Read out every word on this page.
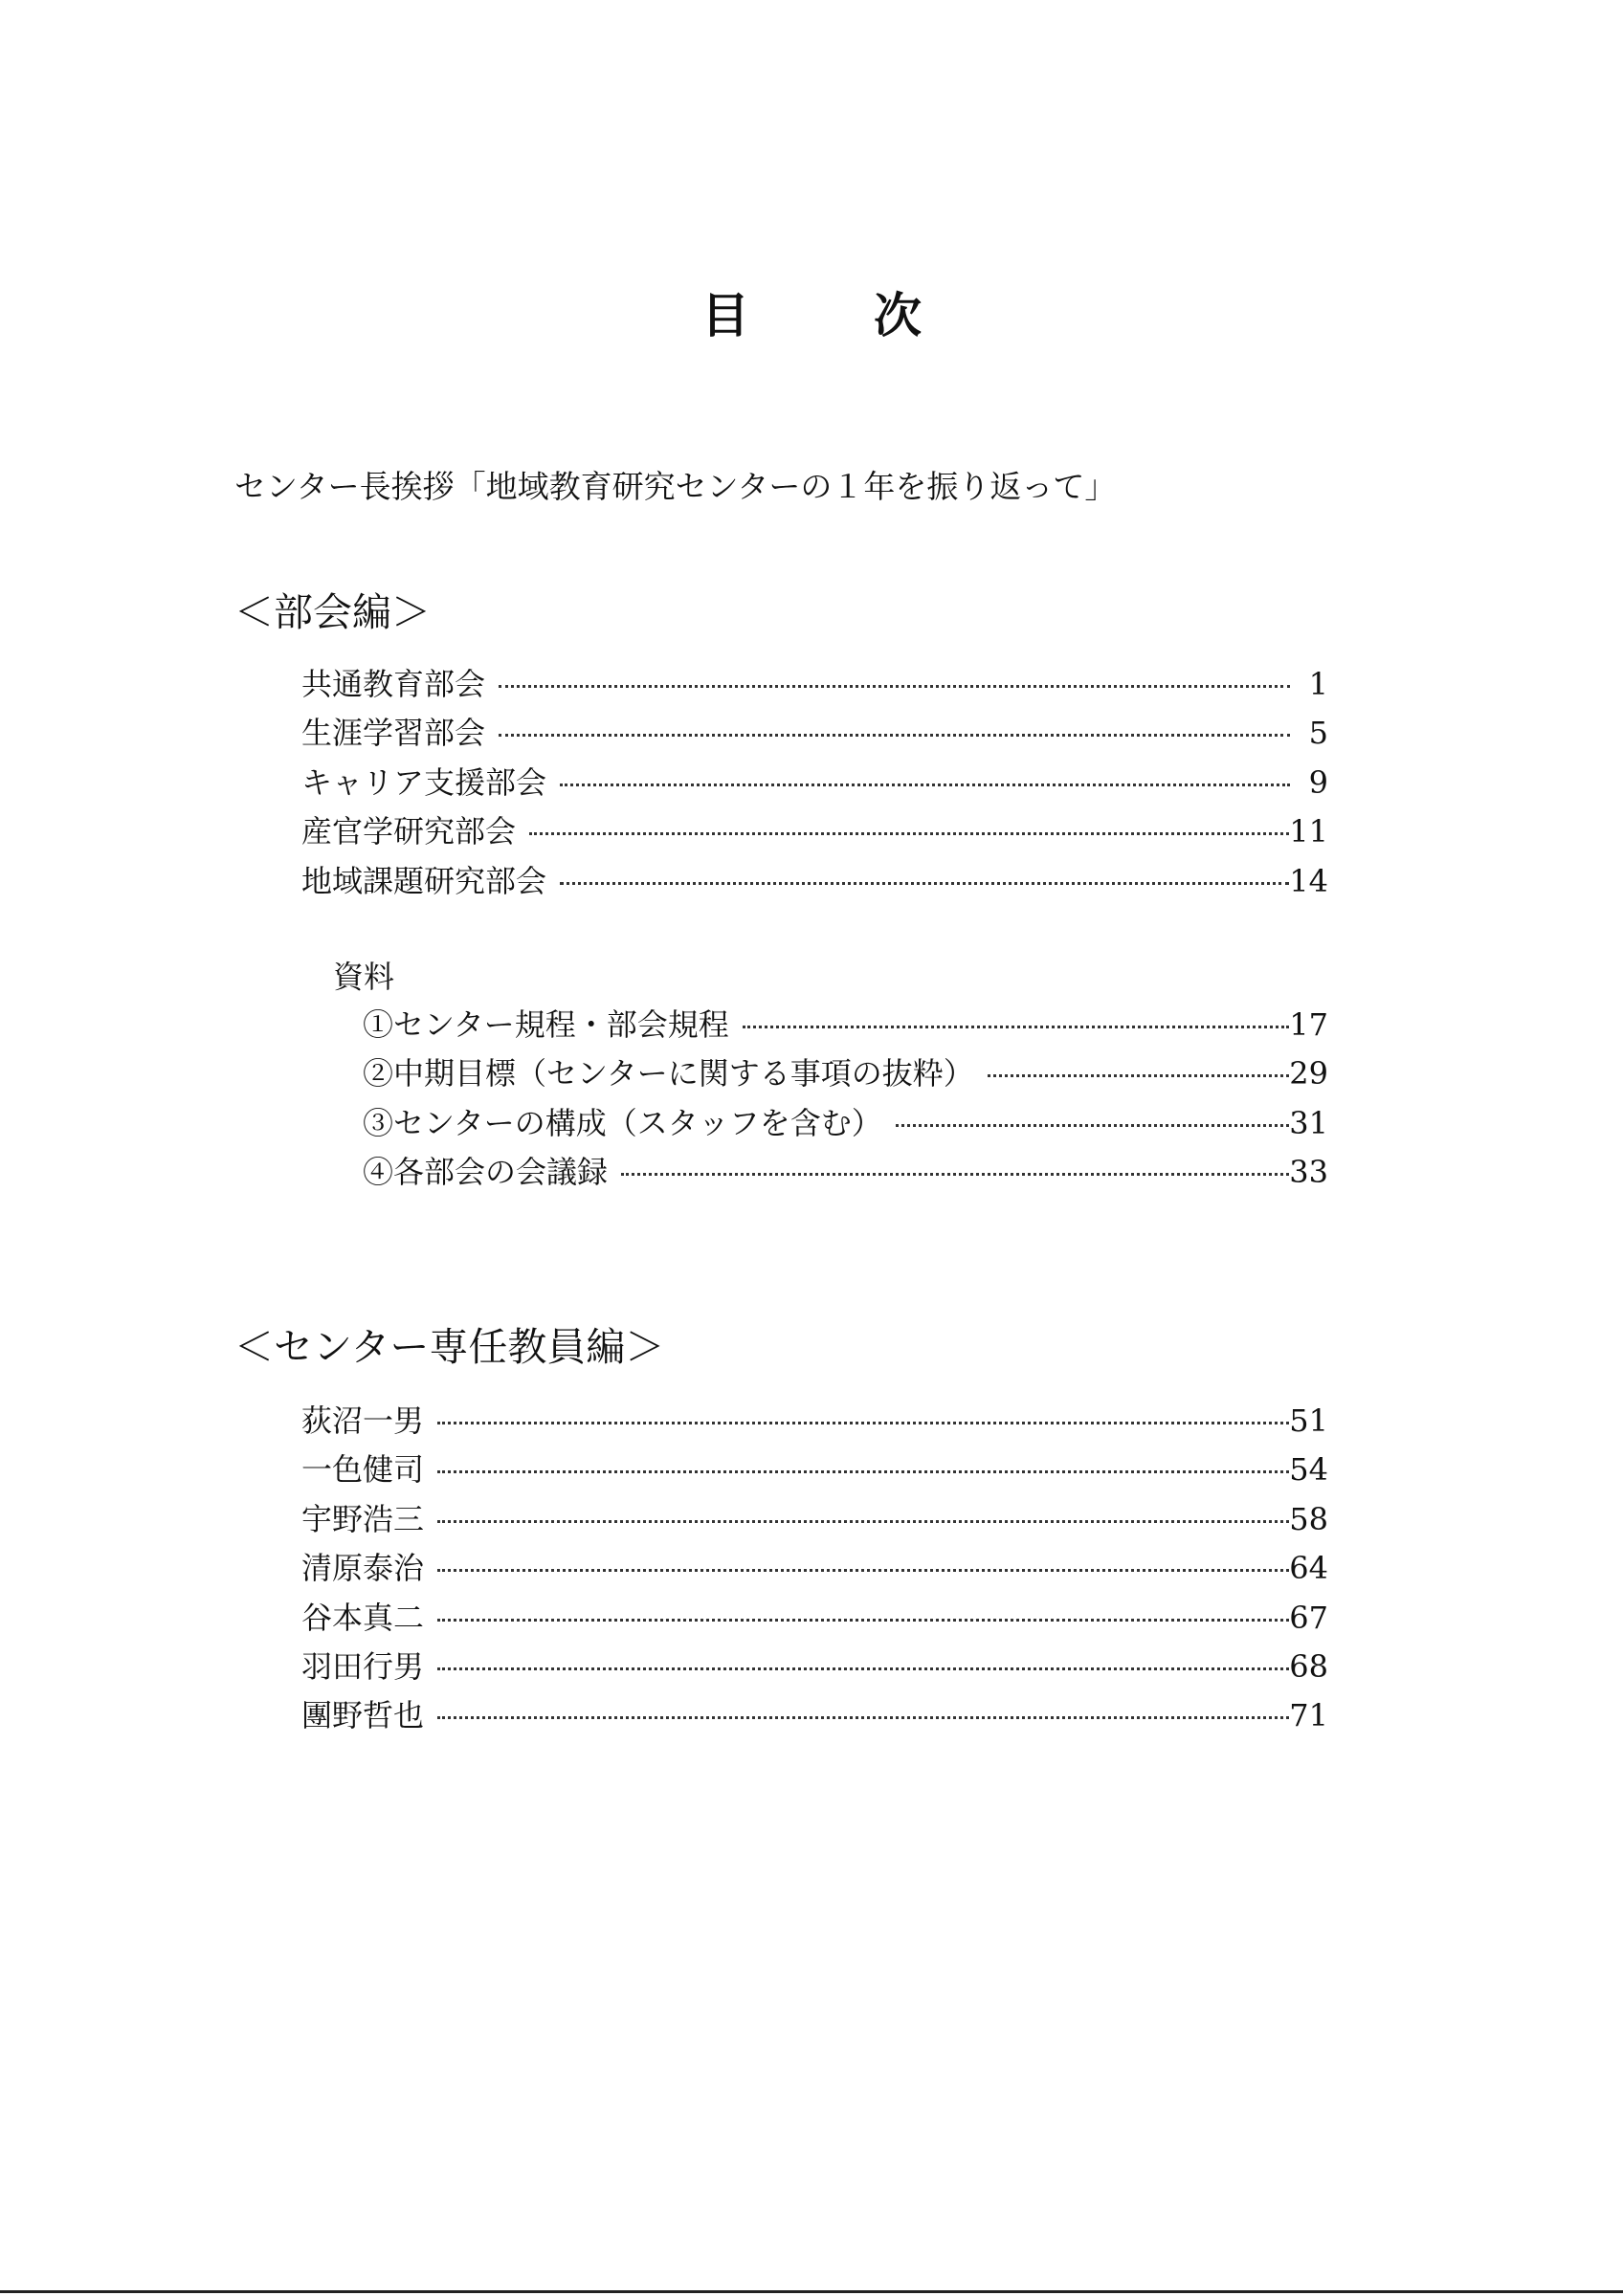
目　次
センター長挨拶「地域教育研究センターの１年を振り返って」
＜部会編＞
共通教育部会	1
生涯学習部会	5
キャリア支援部会	9
産官学研究部会	11
地域課題研究部会	14
資料
①センター規程・部会規程	17
②中期目標（センターに関する事項の抜粋）	29
③センターの構成（スタッフを含む）	31
④各部会の会議録	33
＜センター専任教員編＞
荻沼一男	51
一色健司	54
宇野浩三	58
清原泰治	64
谷本真二	67
羽田行男	68
團野哲也	71
